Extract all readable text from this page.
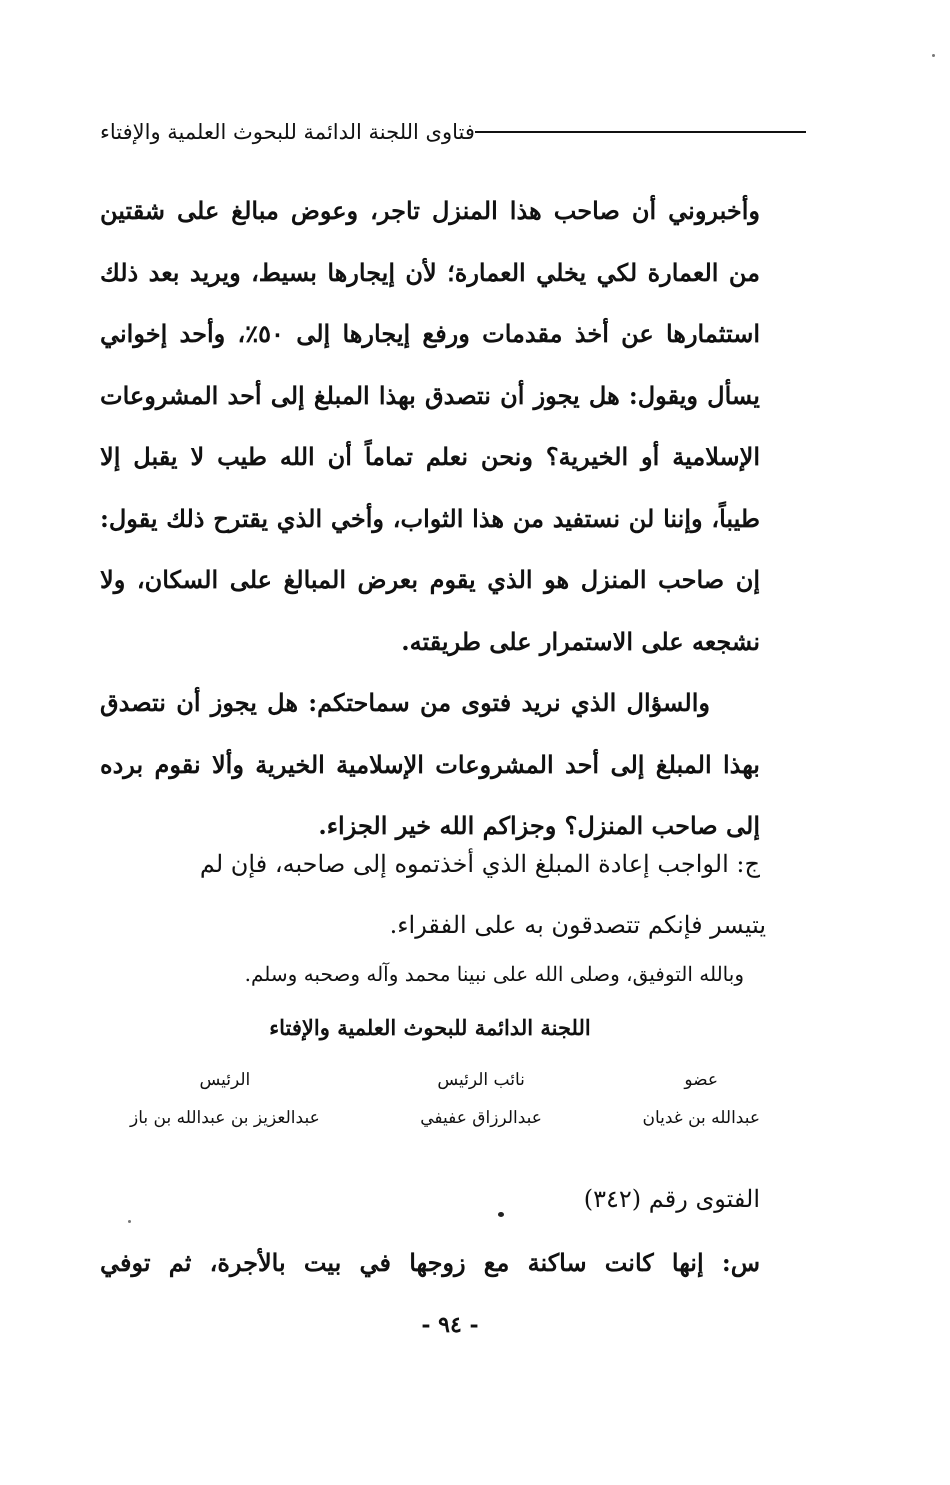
فتاوى اللجنة الدائمة للبحوث العلمية والإفتاء

وأخبروني أن صاحب هذا المنزل تاجر، وعوض مبالغ على شقتين من العمارة لكي يخلي العمارة؛ لأن إيجارها بسيط، ويريد بعد ذلك استثمارها عن أخذ مقدمات ورفع إيجارها إلى ٥٠٪، وأحد إخواني يسأل ويقول: هل يجوز أن نتصدق بهذا المبلغ إلى أحد المشروعات الإسلامية أو الخيرية؟ ونحن نعلم تماماً أن الله طيب لا يقبل إلا طيباً، وإننا لن نستفيد من هذا الثواب، وأخي الذي يقترح ذلك يقول: إن صاحب المنزل هو الذي يقوم بعرض المبالغ على السكان، ولا نشجعه على الاستمرار على طريقته.

والسؤال الذي نريد فتوى من سماحتكم: هل يجوز أن نتصدق بهذا المبلغ إلى أحد المشروعات الإسلامية الخيرية وألا نقوم برده إلى صاحب المنزل؟ وجزاكم الله خير الجزاء.

ج: الواجب إعادة المبلغ الذي أخذتموه إلى صاحبه، فإن لم
يتيسر فإنكم تتصدقون به على الفقراء.
وبالله التوفيق، وصلى الله على نبينا محمد وآله وصحبه وسلم.
اللجنة الدائمة للبحوث العلمية والإفتاء
عضو
عبدالله بن غديان
نائب الرئيس
عبدالرزاق عفيفي
الرئيس
عبدالعزيز بن عبدالله بن باز
الفتوى رقم (٣٤٢)
س: إنها كانت ساكنة مع زوجها في بيت بالأجرة، ثم توفي
- ٩٤ -
